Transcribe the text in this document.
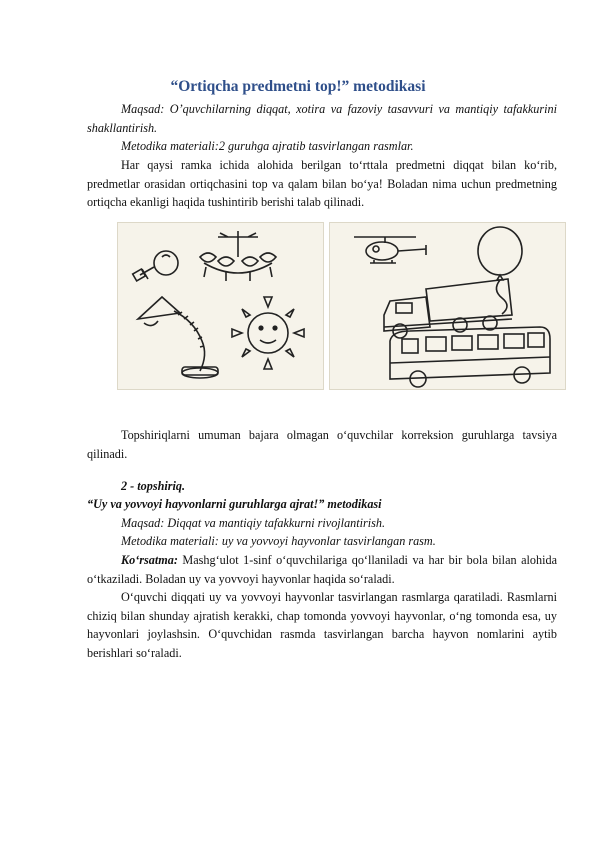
“Ortiqcha predmetni top!” metodikasi
Maqsad: O’quvchilarning diqqat, xotira va fazoviy tasavvuri va mantiqiy tafakkurini shakllantirish.
Metodika materiali:2 guruhga ajratib tasvirlangan rasmlar.
Har qaysi ramka ichida alohida berilgan to‘rttala predmetni diqqat bilan ko‘rib, predmetlar orasidan ortiqchasini top va qalam bilan bo‘ya! Boladan nima uchun predmetning ortiqcha ekanligi haqida tushintirib berishi talab qilinadi.
Topshiriqlarni umuman bajara olmagan o‘quvchilar korreksion guruhlarga tavsiya qilinadi.
2 - topshiriq.
“Uy va yovvoyi hayvonlarni guruhlarga ajrat!” metodikasi
Maqsad: Diqqat va mantiqiy tafakkurni rivojlantirish.
Metodika materiali: uy va yovvoyi hayvonlar tasvirlangan rasm.
Ko‘rsatma: Mashg‘ulot 1-sinf o‘quvchilariga qo‘llaniladi va har bir bola bilan alohida o‘tkaziladi. Boladan uy va yovvoyi hayvonlar haqida so‘raladi.
O‘quvchi diqqati uy va yovvoyi hayvonlar tasvirlangan rasmlarga qaratiladi. Rasmlarni chiziq bilan shunday ajratish kerakki, chap tomonda yovvoyi hayvonlar, o‘ng tomonda esa, uy hayvonlari joylashsin. O‘quvchidan rasmda tasvirlangan barcha hayvon nomlarini aytib berishlari so‘raladi.
